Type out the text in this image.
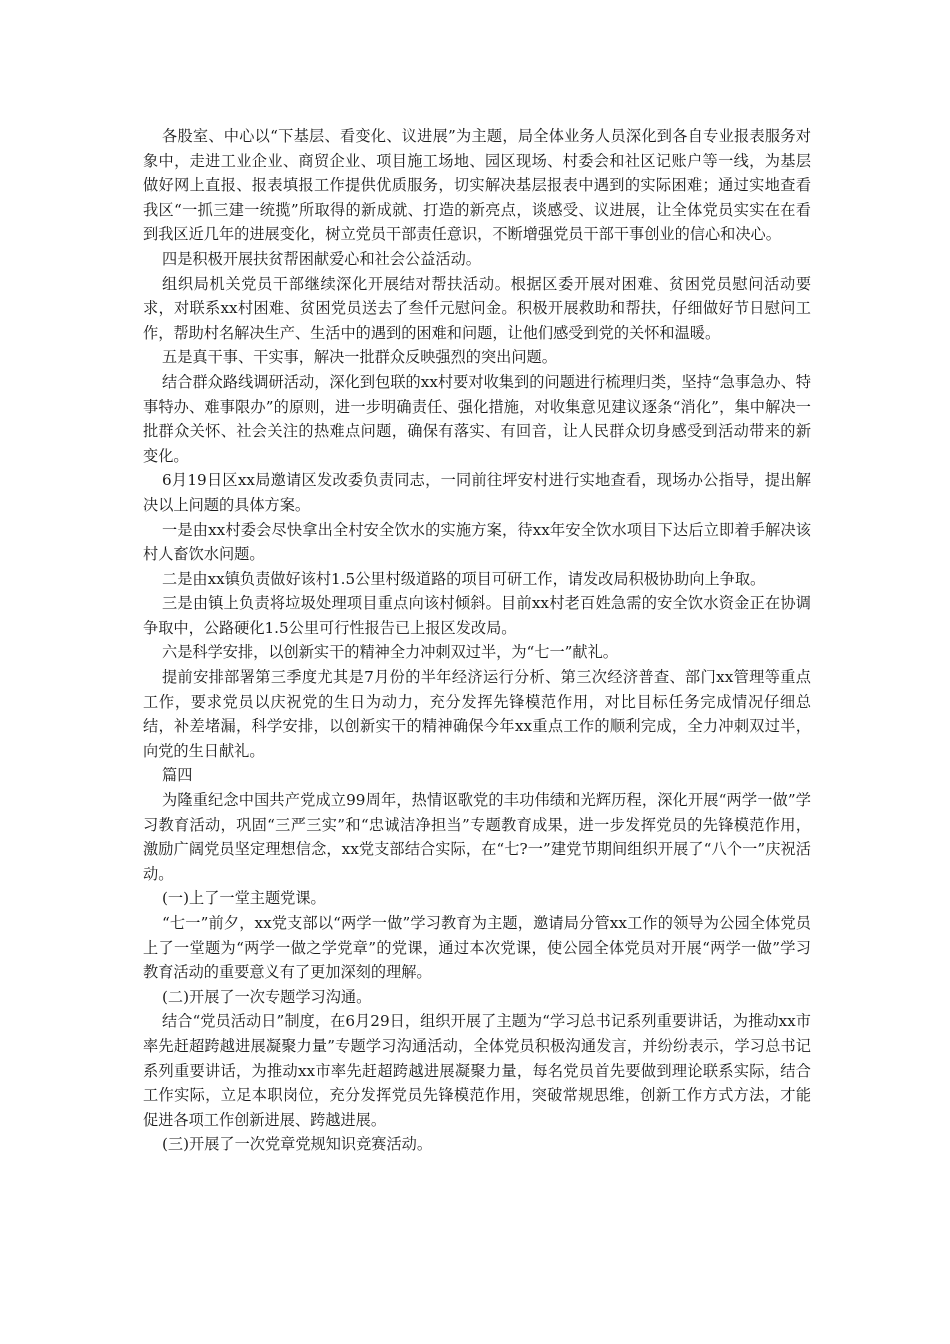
各股室、中心以“下基层、看变化、议进展”为主题，局全体业务人员深化到各自专业报表服务对象中，走进工业企业、商贸企业、项目施工场地、园区现场、村委会和社区记账户等一线，为基层做好网上直报、报表填报工作提供优质服务，切实解决基层报表中遇到的实际困难；通过实地查看我区“一抓三建一统揽”所取得的新成就、打造的新亮点，谈感受、议进展，让全体党员实实在在看到我区近几年的进展变化，树立党员干部责任意识，不断增强党员干部干事创业的信心和决心。

四是积极开展扶贫帮困献爱心和社会公益活动。

组织局机关党员干部继续深化开展结对帮扶活动。根据区委开展对困难、贫困党员慰问活动要求，对联系xx村困难、贫困党员送去了叁仟元慰问金。积极开展救助和帮扶，仔细做好节日慰问工作，帮助村名解决生产、生活中的遇到的困难和问题，让他们感受到党的关怀和温暖。

五是真干事、干实事，解决一批群众反映强烈的突出问题。

结合群众路线调研活动，深化到包联的xx村要对收集到的问题进行梳理归类，坚持“急事急办、特事特办、难事限办”的原则，进一步明确责任、强化措施，对收集意见建议逐条“消化”，集中解决一批群众关怀、社会关注的热难点问题，确保有落实、有回音，让人民群众切身感受到活动带来的新变化。

6月19日区xx局邀请区发改委负责同志，一同前往坪安村进行实地查看，现场办公指导，提出解决以上问题的具体方案。

一是由xx村委会尽快拿出全村安全饮水的实施方案，待xx年安全饮水项目下达后立即着手解决该村人畜饮水问题。

二是由xx镇负责做好该村1.5公里村级道路的项目可研工作，请发改局积极协助向上争取。

三是由镇上负责将垃圾处理项目重点向该村倾斜。目前xx村老百姓急需的安全饮水资金正在协调争取中，公路硬化1.5公里可行性报告已上报区发改局。

六是科学安排，以创新实干的精神全力冲刺双过半，为“七一”献礼。

提前安排部署第三季度尤其是7月份的半年经济运行分析、第三次经济普查、部门xx管理等重点工作，要求党员以庆祝党的生日为动力，充分发挥先锋模范作用，对比目标任务完成情况仔细总结，补差堵漏，科学安排，以创新实干的精神确保今年xx重点工作的顺利完成，全力冲刺双过半，向党的生日献礼。

篇四

为隆重纪念中国共产党成立99周年，热情讴歌党的丰功伟绩和光辉历程，深化开展“两学一做”学习教育活动，巩固“三严三实”和“忠诚洁净担当”专题教育成果，进一步发挥党员的先锋模范作用，激励广阔党员坚定理想信念，xx党支部结合实际，在“七?一”建党节期间组织开展了“八个一”庆祝活动。

(一)上了一堂主题党课。

“七一”前夕，xx党支部以“两学一做”学习教育为主题，邀请局分管xx工作的领导为公园全体党员上了一堂题为“两学一做之学党章”的党课，通过本次党课，使公园全体党员对开展“两学一做”学习教育活动的重要意义有了更加深刻的理解。

(二)开展了一次专题学习沟通。

结合“党员活动日”制度，在6月29日，组织开展了主题为“学习总书记系列重要讲话，为推动xx市率先赶超跨越进展凝聚力量”专题学习沟通活动，全体党员积极沟通发言，并纷纷表示，学习总书记系列重要讲话，为推动xx市率先赶超跨越进展凝聚力量，每名党员首先要做到理论联系实际，结合工作实际，立足本职岗位，充分发挥党员先锋模范作用，突破常规思维，创新工作方式方法，才能促进各项工作创新进展、跨越进展。

(三)开展了一次党章党规知识竞赛活动。
